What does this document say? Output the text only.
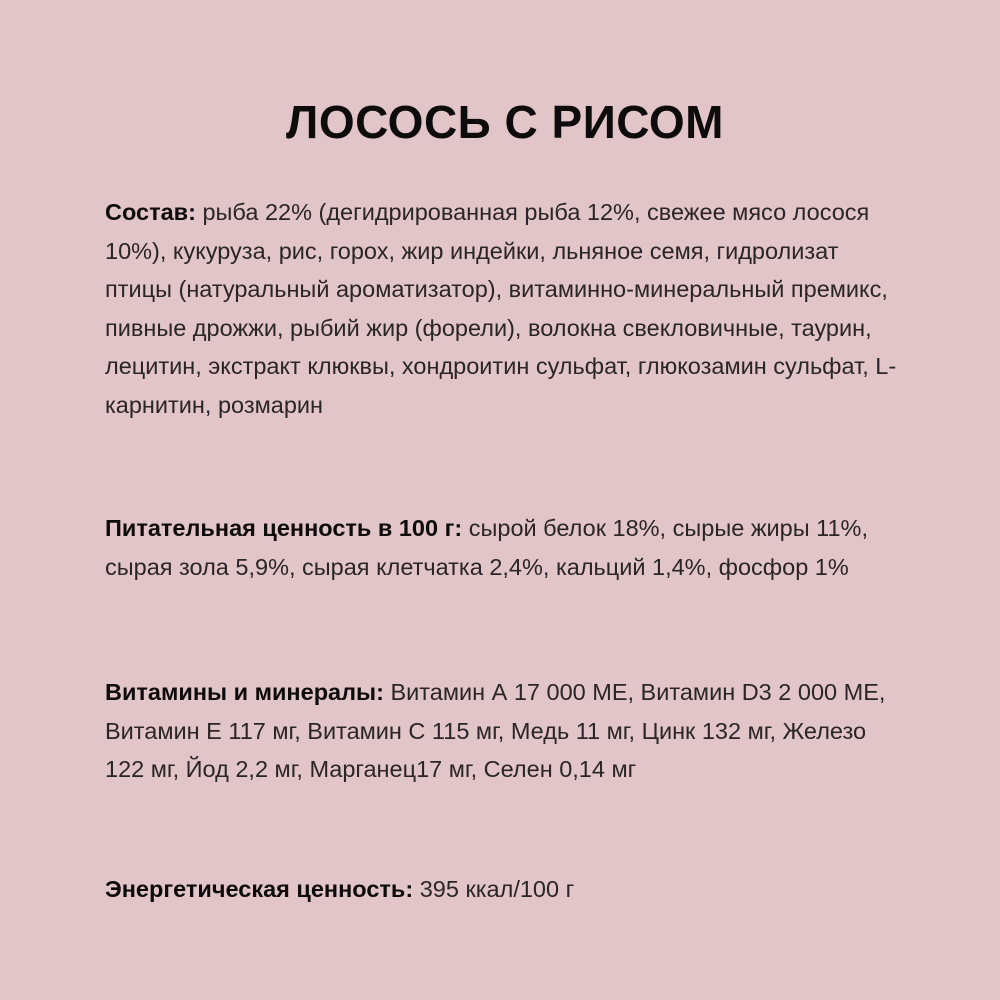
ЛОСОСЬ С РИСОМ

Состав: рыба 22% (дегидрированная рыба 12%, свежее мясо лосося 10%), кукуруза, рис, горох, жир индейки, льняное семя, гидролизат птицы (натуральный ароматизатор), витаминно-минеральный премикс, пивные дрожжи, рыбий жир (форели), волокна свекловичные, таурин, лецитин, экстракт клюквы, хондроитин сульфат, глюкозамин сульфат, L-карнитин, розмарин

Питательная ценность в 100 г: сырой белок 18%, сырые жиры 11%, сырая зола 5,9%, сырая клетчатка 2,4%, кальций 1,4%, фосфор 1%

Витамины и минералы: Витамин А 17 000 МЕ, Витамин D3 2 000 МЕ, Витамин Е 117 мг, Витамин С 115 мг, Медь 11 мг, Цинк 132 мг, Железо 122 мг, Йод 2,2 мг, Марганец17 мг, Селен 0,14 мг

Энергетическая ценность: 395 ккал/100 г
